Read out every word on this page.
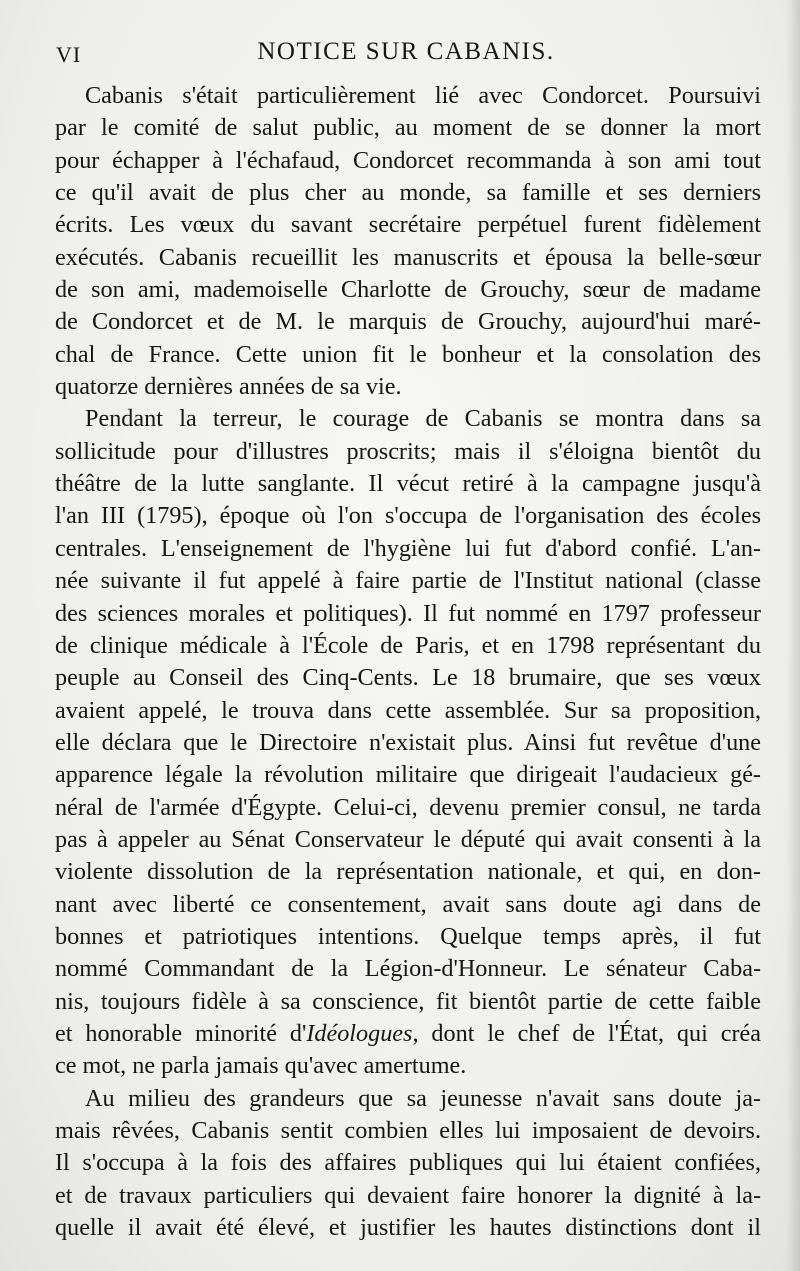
VI	NOTICE SUR CABANIS.
Cabanis s'était particulièrement lié avec Condorcet. Poursuivi
par le comité de salut public, au moment de se donner la mort
pour échapper à l'échafaud, Condorcet recommanda à son ami tout
ce qu'il avait de plus cher au monde, sa famille et ses derniers
écrits. Les vœux du savant secrétaire perpétuel furent fidèlement
exécutés. Cabanis recueillit les manuscrits et épousa la belle-sœur
de son ami, mademoiselle Charlotte de Grouchy, sœur de madame
de Condorcet et de M. le marquis de Grouchy, aujourd'hui maré-
chal de France. Cette union fit le bonheur et la consolation des
quatorze dernières années de sa vie.
Pendant la terreur, le courage de Cabanis se montra dans sa
sollicitude pour d'illustres proscrits; mais il s'éloigna bientôt du
théâtre de la lutte sanglante. Il vécut retiré à la campagne jusqu'à
l'an III (1795), époque où l'on s'occupa de l'organisation des écoles
centrales. L'enseignement de l'hygiène lui fut d'abord confié. L'an-
née suivante il fut appelé à faire partie de l'Institut national (classe
des sciences morales et politiques). Il fut nommé en 1797 professeur
de clinique médicale à l'École de Paris, et en 1798 représentant du
peuple au Conseil des Cinq-Cents. Le 18 brumaire, que ses vœux
avaient appelé, le trouva dans cette assemblée. Sur sa proposition,
elle déclara que le Directoire n'existait plus. Ainsi fut revêtue d'une
apparence légale la révolution militaire que dirigeait l'audacieux gé-
néral de l'armée d'Égypte. Celui-ci, devenu premier consul, ne tarda
pas à appeler au Sénat Conservateur le député qui avait consenti à la
violente dissolution de la représentation nationale, et qui, en don-
nant avec liberté ce consentement, avait sans doute agi dans de
bonnes et patriotiques intentions. Quelque temps après, il fut
nommé Commandant de la Légion-d'Honneur. Le sénateur Caba-
nis, toujours fidèle à sa conscience, fit bientôt partie de cette faible
et honorable minorité d'Idéologues, dont le chef de l'État, qui créa
ce mot, ne parla jamais qu'avec amertume.
Au milieu des grandeurs que sa jeunesse n'avait sans doute ja-
mais rêvées, Cabanis sentit combien elles lui imposaient de devoirs.
Il s'occupa à la fois des affaires publiques qui lui étaient confiées,
et de travaux particuliers qui devaient faire honorer la dignité à la-
quelle il avait été élevé, et justifier les hautes distinctions dont il
